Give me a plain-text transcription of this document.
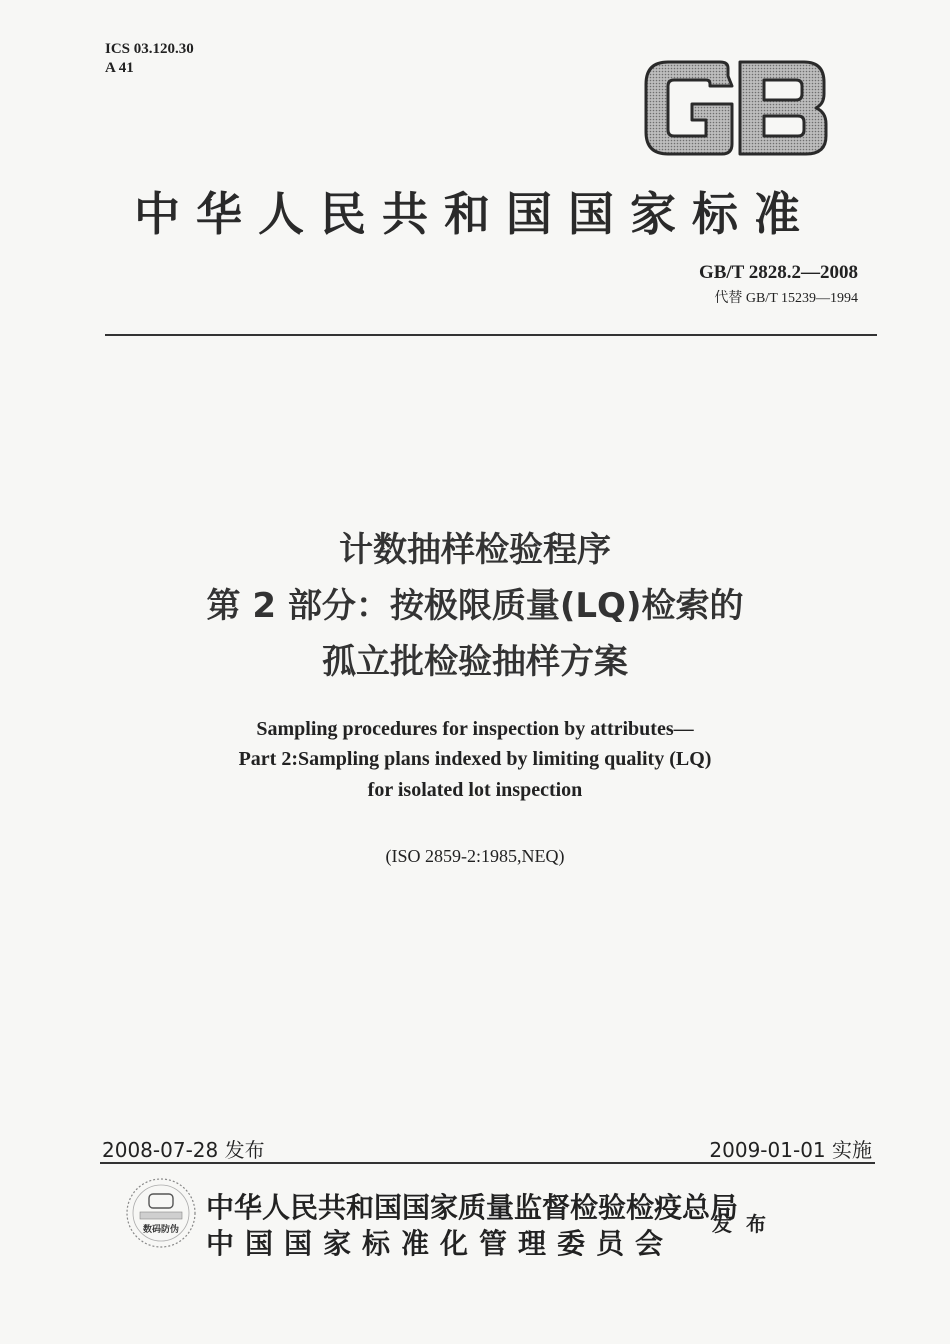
ICS 03.120.30
A 41
中华人民共和国国家标准
GB/T 2828.2—2008
代替 GB/T 15239—1994
计数抽样检验程序
第 2 部分：按极限质量(LQ)检索的
孤立批检验抽样方案
Sampling procedures for inspection by attributes—
Part 2:Sampling plans indexed by limiting quality (LQ)
for isolated lot inspection
(ISO 2859-2:1985,NEQ)
2008-07-28 发布	2009-01-01 实施
数码防伪
中华人民共和国国家质量监督检验检疫总局
中国国家标准化管理委员会
发布
